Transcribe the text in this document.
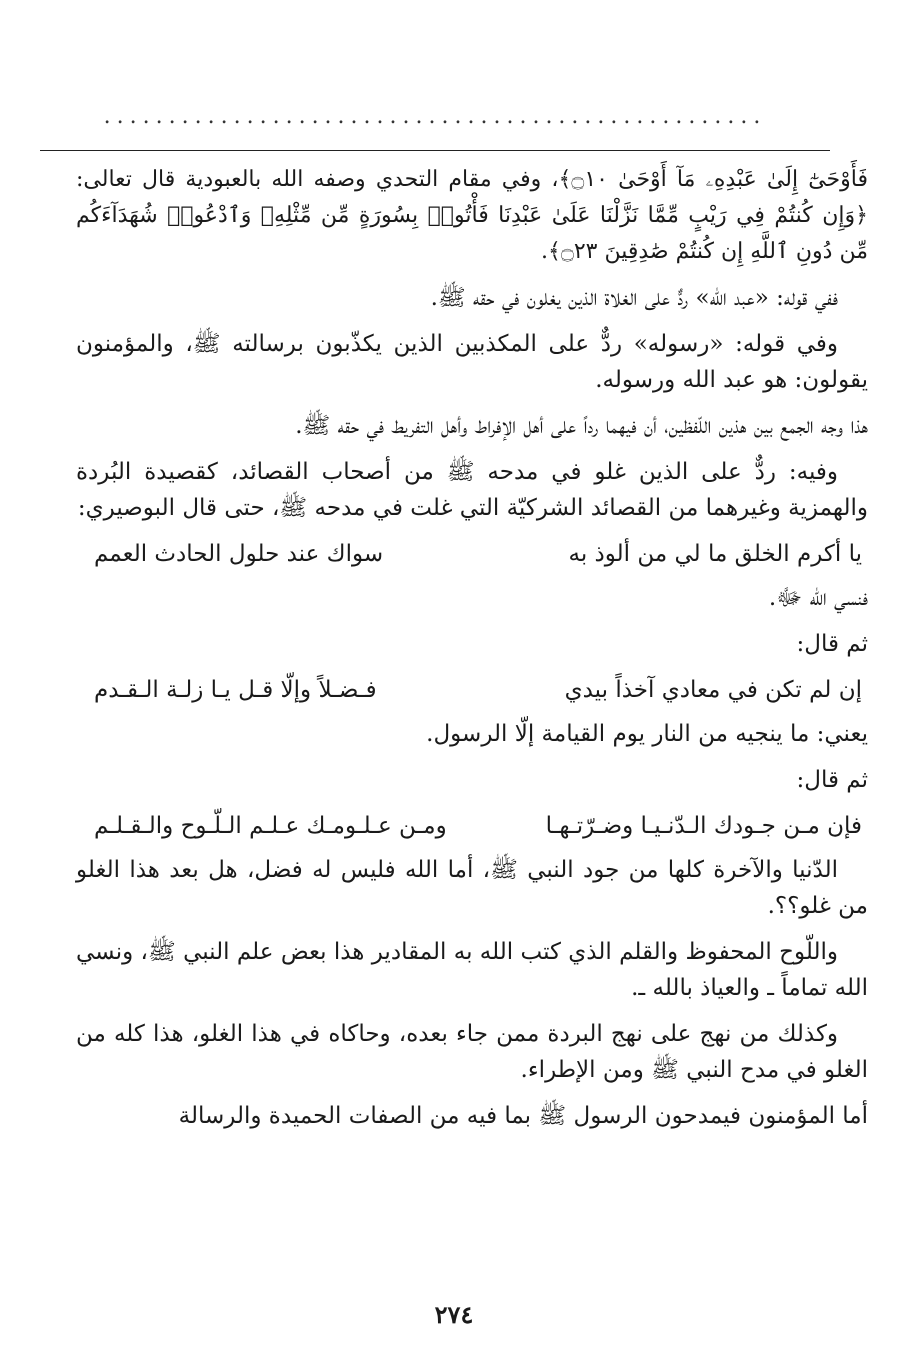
...................................................

فَأَوْحَىٰٓ إِلَىٰ عَبْدِهِۦ مَآ أَوْحَىٰ ۝١٠﴾، وفي مقام التحدي وصفه الله بالعبودية قال تعالى: ﴿وَإِن كُنتُمْ فِي رَيْبٍ مِّمَّا نَزَّلْنَا عَلَىٰ عَبْدِنَا فَأْتُوا۟ بِسُورَةٍ مِّن مِّثْلِهِۦ وَٱدْعُوا۟ شُهَدَآءَكُم مِّن دُونِ ٱللَّهِ إِن كُنتُمْ صَٰدِقِينَ ۝٢٣﴾.

ففي قوله: «عبد الله» ردٌّ على الغلاة الذين يغلون في حقه ﷺ.

وفي قوله: «رسوله» ردٌّ على المكذبين الذين يكذّبون برسالته ﷺ، والمؤمنون يقولون: هو عبد الله ورسوله.

هذا وجه الجمع بين هذين اللّفظين، أن فيهما رداً على أهل الإفراط وأهل التفريط في حقه ﷺ.

وفيه: ردٌّ على الذين غلو في مدحه ﷺ من أصحاب القصائد، كقصيدة البُردة والهمزية وغيرهما من القصائد الشركيّة التي غلت في مدحه ﷺ، حتى قال البوصيري:

يا أكرم الخلق ما لي من ألوذ به
سواك عند حلول الحادث العمم

فنسي الله ﷻ.

ثم قال:

إن لم تكن في معادي آخذاً بيدي
فـضـلاً وإلّا قـل يـا زلـة الـقـدم

يعني: ما ينجيه من النار يوم القيامة إلّا الرسول.

ثم قال:

فإن مـن جـودك الـدّنـيـا وضـرّتـهـا
ومـن عـلـومـك عـلـم الـلّـوح والـقـلـم

الدّنيا والآخرة كلها من جود النبي ﷺ، أما الله فليس له فضل، هل بعد هذا الغلو من غلو؟؟.

واللّوح المحفوظ والقلم الذي كتب الله به المقادير هذا بعض علم النبي ﷺ، ونسي الله تماماً ـ والعياذ بالله ـ.

وكذلك من نهج على نهج البردة ممن جاء بعده، وحاكاه في هذا الغلو، هذا كله من الغلو في مدح النبي ﷺ ومن الإطراء.

أما المؤمنون فيمدحون الرسول ﷺ بما فيه من الصفات الحميدة والرسالة

٢٧٤
